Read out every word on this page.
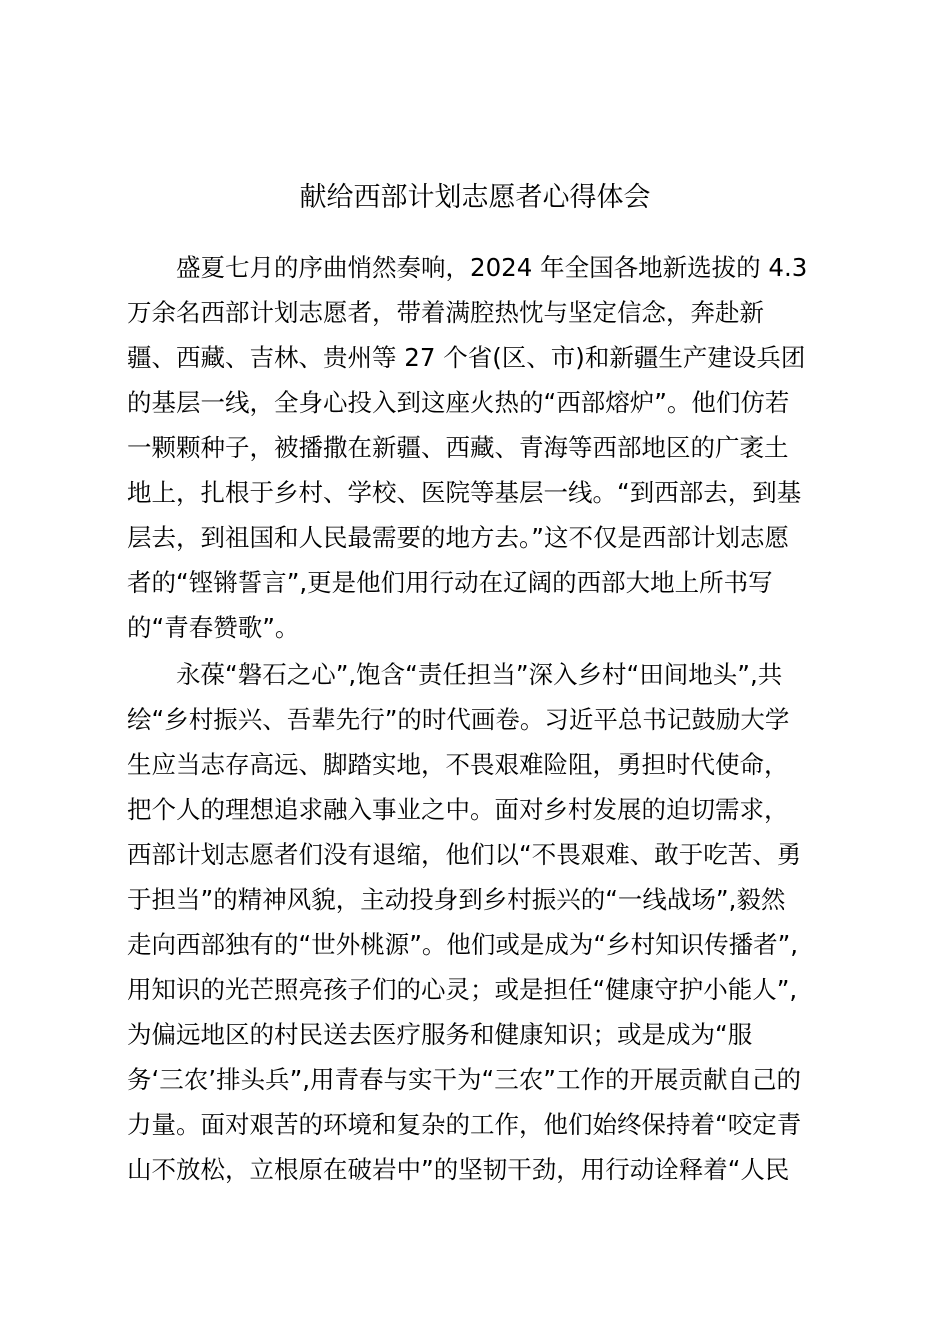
献给西部计划志愿者心得体会
　　盛夏七月的序曲悄然奏响，2024 年全国各地新选拔的 4.3
万余名西部计划志愿者，带着满腔热忱与坚定信念，奔赴新
疆、西藏、吉林、贵州等 27 个省(区、市)和新疆生产建设兵团
的基层一线，全身心投入到这座火热的“西部熔炉”。他们仿若
一颗颗种子，被播撒在新疆、西藏、青海等西部地区的广袤土
地上，扎根于乡村、学校、医院等基层一线。“到西部去，到基
层去，到祖国和人民最需要的地方去。”这不仅是西部计划志愿
者的“铿锵誓言”,更是他们用行动在辽阔的西部大地上所书写
的“青春赞歌”。
　　永葆“磐石之心”,饱含“责任担当”深入乡村“田间地头”,共
绘“乡村振兴、吾辈先行”的时代画卷。习近平总书记鼓励大学
生应当志存高远、脚踏实地，不畏艰难险阻，勇担时代使命，
把个人的理想追求融入事业之中。面对乡村发展的迫切需求，
西部计划志愿者们没有退缩，他们以“不畏艰难、敢于吃苦、勇
于担当”的精神风貌，主动投身到乡村振兴的“一线战场”,毅然
走向西部独有的“世外桃源”。他们或是成为“乡村知识传播者”,
用知识的光芒照亮孩子们的心灵；或是担任“健康守护小能人”,
为偏远地区的村民送去医疗服务和健康知识；或是成为“服
务‘三农’排头兵”,用青春与实干为“三农”工作的开展贡献自己的
力量。面对艰苦的环境和复杂的工作，他们始终保持着“咬定青
山不放松，立根原在破岩中”的坚韧干劲，用行动诠释着“人民
